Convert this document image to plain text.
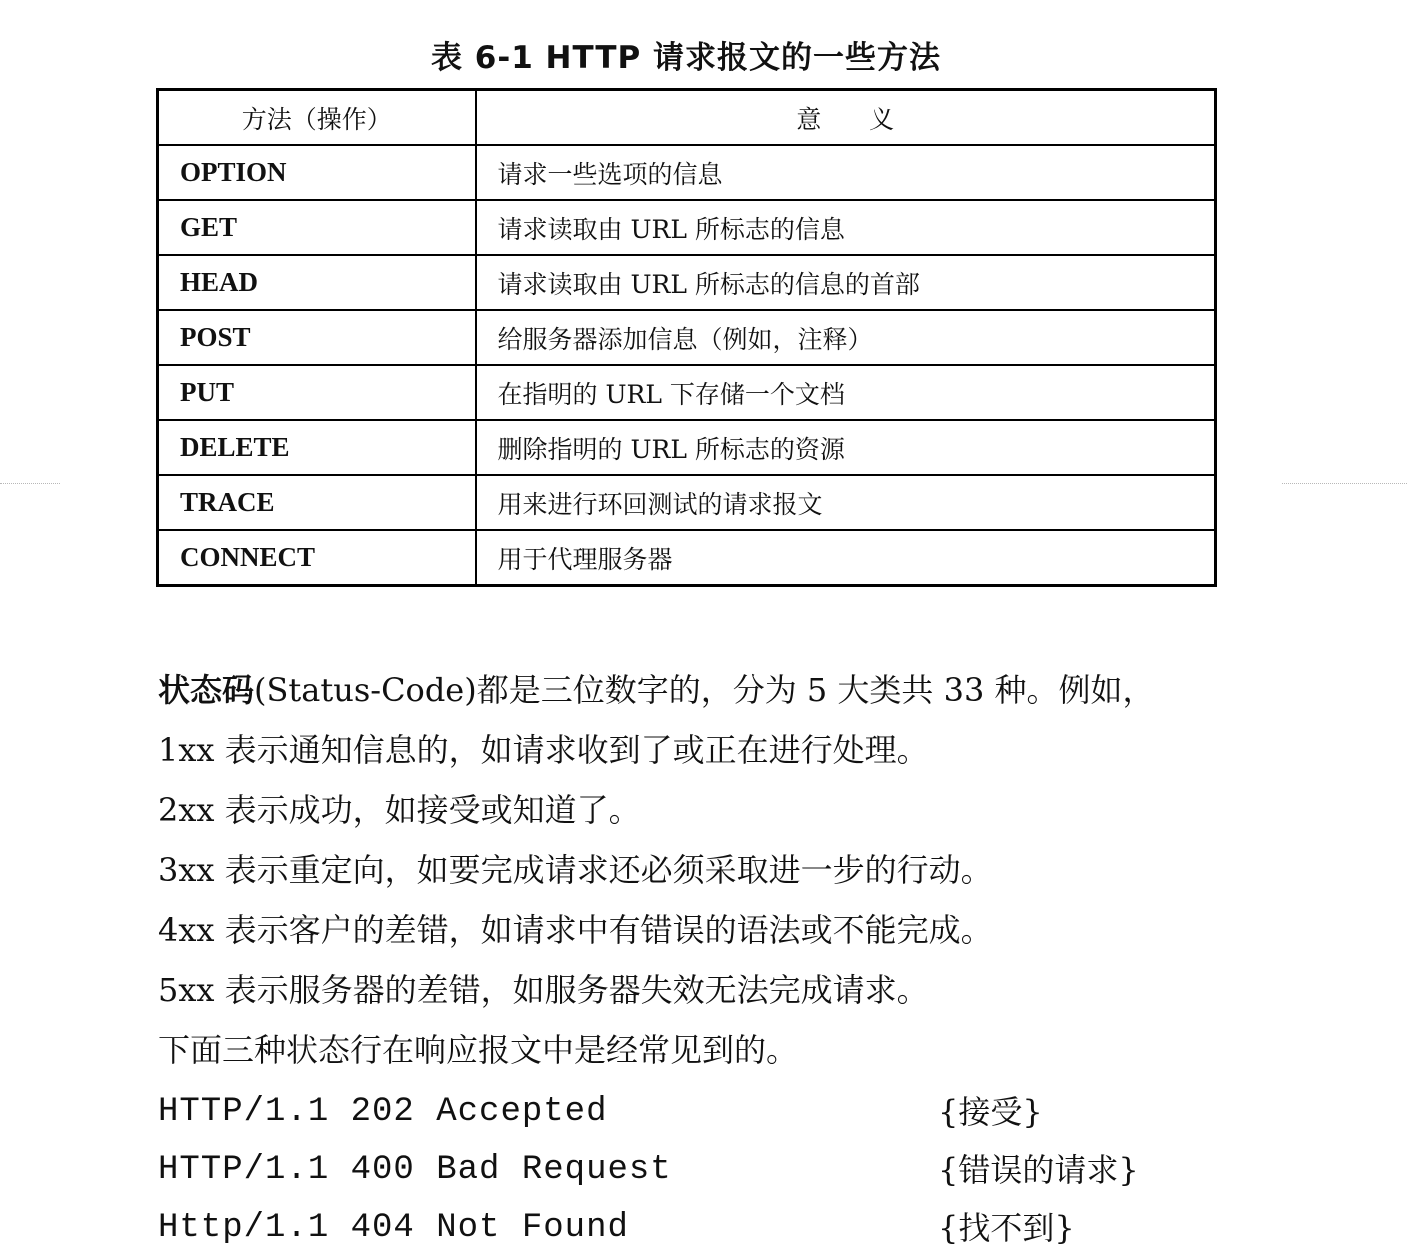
表 6-1 HTTP 请求报文的一些方法
方法（操作）	意      义
OPTION	请求一些选项的信息
GET	请求读取由 URL 所标志的信息
HEAD	请求读取由 URL 所标志的信息的首部
POST	给服务器添加信息（例如，注释）
PUT	在指明的 URL 下存储一个文档
DELETE	删除指明的 URL 所标志的资源
TRACE	用来进行环回测试的请求报文
CONNECT	用于代理服务器

状态码(Status-Code)都是三位数字的，分为 5 大类共 33 种。例如，

1xx 表示通知信息的，如请求收到了或正在进行处理。

2xx 表示成功，如接受或知道了。

3xx 表示重定向，如要完成请求还必须采取进一步的行动。

4xx 表示客户的差错，如请求中有错误的语法或不能完成。

5xx 表示服务器的差错，如服务器失效无法完成请求。

下面三种状态行在响应报文中是经常见到的。

HTTP/1.1 202 Accepted	{接受}
HTTP/1.1 400 Bad Request	{错误的请求}
Http/1.1 404 Not Found	{找不到}
